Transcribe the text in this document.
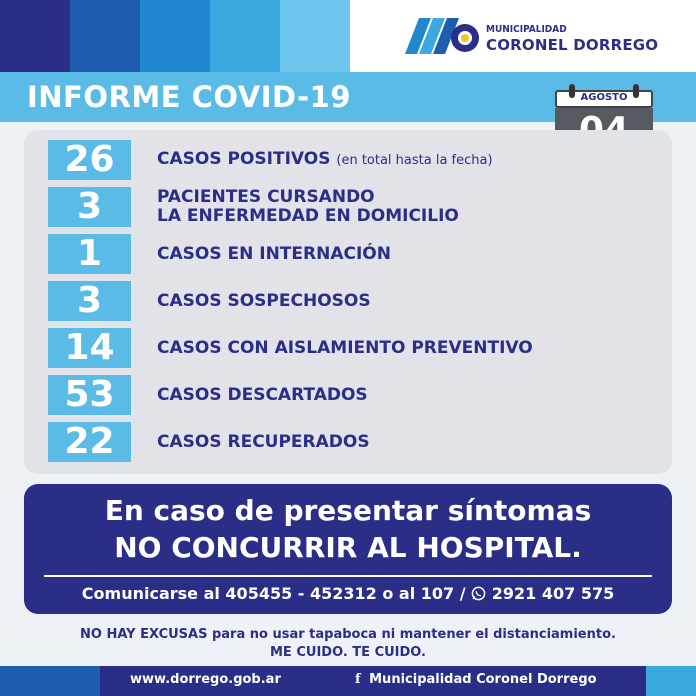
MUNICIPALIDAD
CORONEL DORREGO
INFORME COVID-19	AGOSTO
26	CASOS POSITIVOS (en total hasta la fecha)
3	PACIENTES CURSANDO
LA ENFERMEDAD EN DOMICILIO
1	CASOS EN INTERNACIÓN
3	CASOS SOSPECHOSOS
14	CASOS CON AISLAMIENTO PREVENTIVO
53	CASOS DESCARTADOS
22	CASOS RECUPERADOS
En caso de presentar síntomas
NO CONCURRIR AL HOSPITAL.
Comunicarse al 405455 - 452312 o al 107 / 2921 407 575
NO HAY EXCUSAS para no usar tapaboca ni mantener el distanciamiento.
ME CUIDO. TE CUIDO.
www.dorrego.gob.ar	f Municipalidad Coronel Dorrego
